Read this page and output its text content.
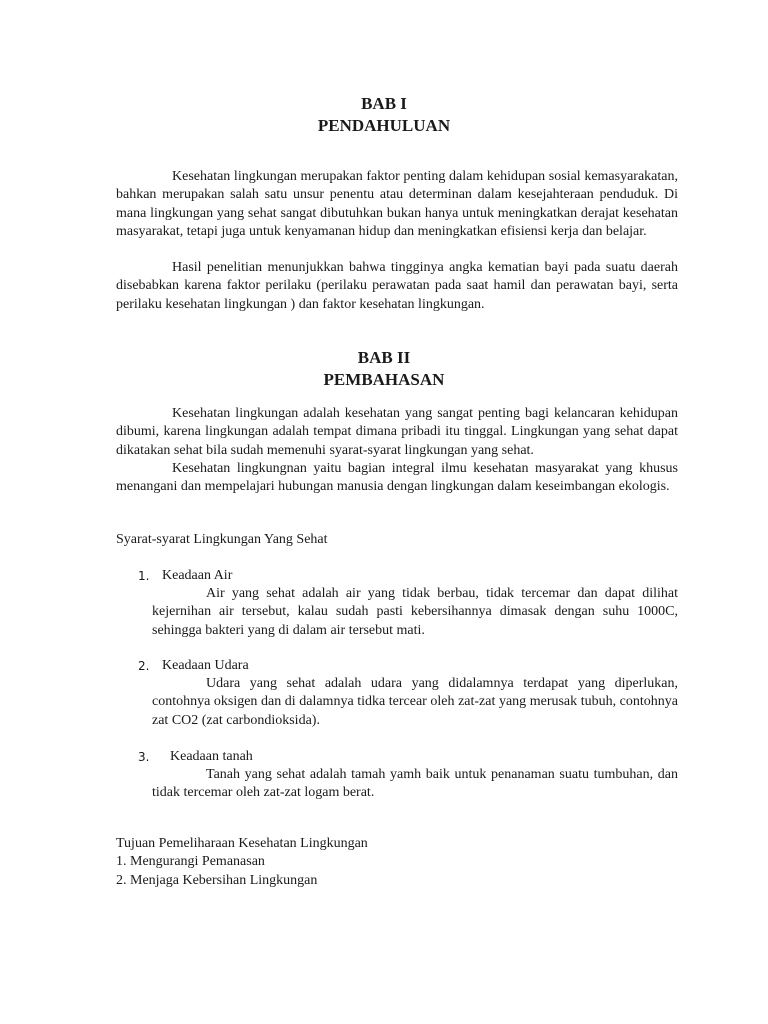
BAB I
PENDAHULUAN

Kesehatan lingkungan merupakan faktor penting dalam kehidupan sosial kemasyarakatan, bahkan merupakan salah satu unsur penentu atau determinan dalam kesejahteraan penduduk. Di mana lingkungan yang sehat sangat dibutuhkan bukan hanya untuk meningkatkan derajat kesehatan masyarakat, tetapi juga untuk kenyamanan hidup dan meningkatkan efisiensi kerja dan belajar.

Hasil penelitian menunjukkan bahwa tingginya angka kematian bayi pada suatu daerah disebabkan karena faktor perilaku (perilaku perawatan pada saat hamil dan perawatan bayi, serta perilaku kesehatan lingkungan ) dan faktor kesehatan lingkungan.

BAB II
PEMBAHASAN

Kesehatan lingkungan adalah kesehatan yang sangat penting bagi kelancaran kehidupan dibumi, karena lingkungan adalah tempat dimana pribadi itu tinggal. Lingkungan yang sehat dapat dikatakan sehat bila sudah memenuhi syarat-syarat lingkungan yang sehat.

Kesehatan lingkungnan yaitu bagian integral ilmu kesehatan masyarakat yang khusus menangani dan mempelajari hubungan manusia dengan lingkungan dalam keseimbangan ekologis.

Syarat-syarat Lingkungan Yang Sehat
1. Keadaan Air

Air yang sehat adalah air yang tidak berbau, tidak tercemar dan dapat dilihat kejernihan air tersebut, kalau sudah pasti kebersihannya dimasak dengan suhu 1000C, sehingga bakteri yang di dalam air tersebut mati.

2. Keadaan Udara

Udara yang sehat adalah udara yang didalamnya terdapat yang diperlukan, contohnya oksigen dan di dalamnya tidka tercear oleh zat-zat yang merusak tubuh, contohnya zat CO2 (zat carbondioksida).

3. Keadaan tanah

Tanah yang sehat adalah tamah yamh baik untuk penanaman suatu tumbuhan, dan tidak tercemar oleh zat-zat logam berat.

Tujuan Pemeliharaan Kesehatan Lingkungan
1. Mengurangi Pemanasan
2. Menjaga Kebersihan Lingkungan
